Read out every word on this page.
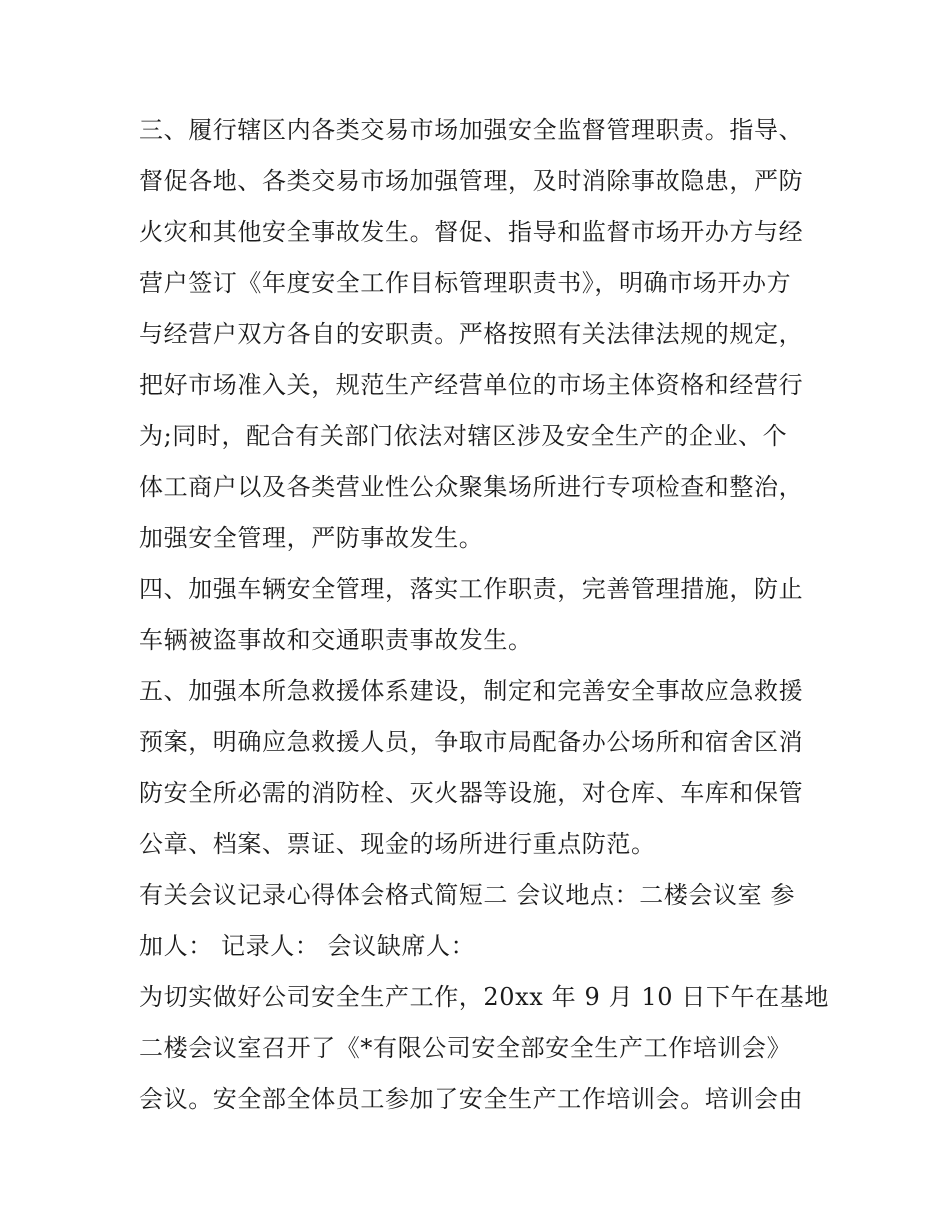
三、履行辖区内各类交易市场加强安全监督管理职责。指导、
督促各地、各类交易市场加强管理，及时消除事故隐患，严防
火灾和其他安全事故发生。督促、指导和监督市场开办方与经
营户签订《年度安全工作目标管理职责书》，明确市场开办方
与经营户双方各自的安职责。严格按照有关法律法规的规定，
把好市场准入关，规范生产经营单位的市场主体资格和经营行
为;同时，配合有关部门依法对辖区涉及安全生产的企业、个
体工商户以及各类营业性公众聚集场所进行专项检查和整治，
加强安全管理，严防事故发生。
四、加强车辆安全管理，落实工作职责，完善管理措施，防止
车辆被盗事故和交通职责事故发生。
五、加强本所急救援体系建设，制定和完善安全事故应急救援
预案，明确应急救援人员，争取市局配备办公场所和宿舍区消
防安全所必需的消防栓、灭火器等设施，对仓库、车库和保管
公章、档案、票证、现金的场所进行重点防范。
有关会议记录心得体会格式简短二 会议地点：二楼会议室 参
加人： 记录人： 会议缺席人：
为切实做好公司安全生产工作，20xx 年 9 月 10 日下午在基地
二楼会议室召开了《*有限公司安全部安全生产工作培训会》
会议。安全部全体员工参加了安全生产工作培训会。培训会由
